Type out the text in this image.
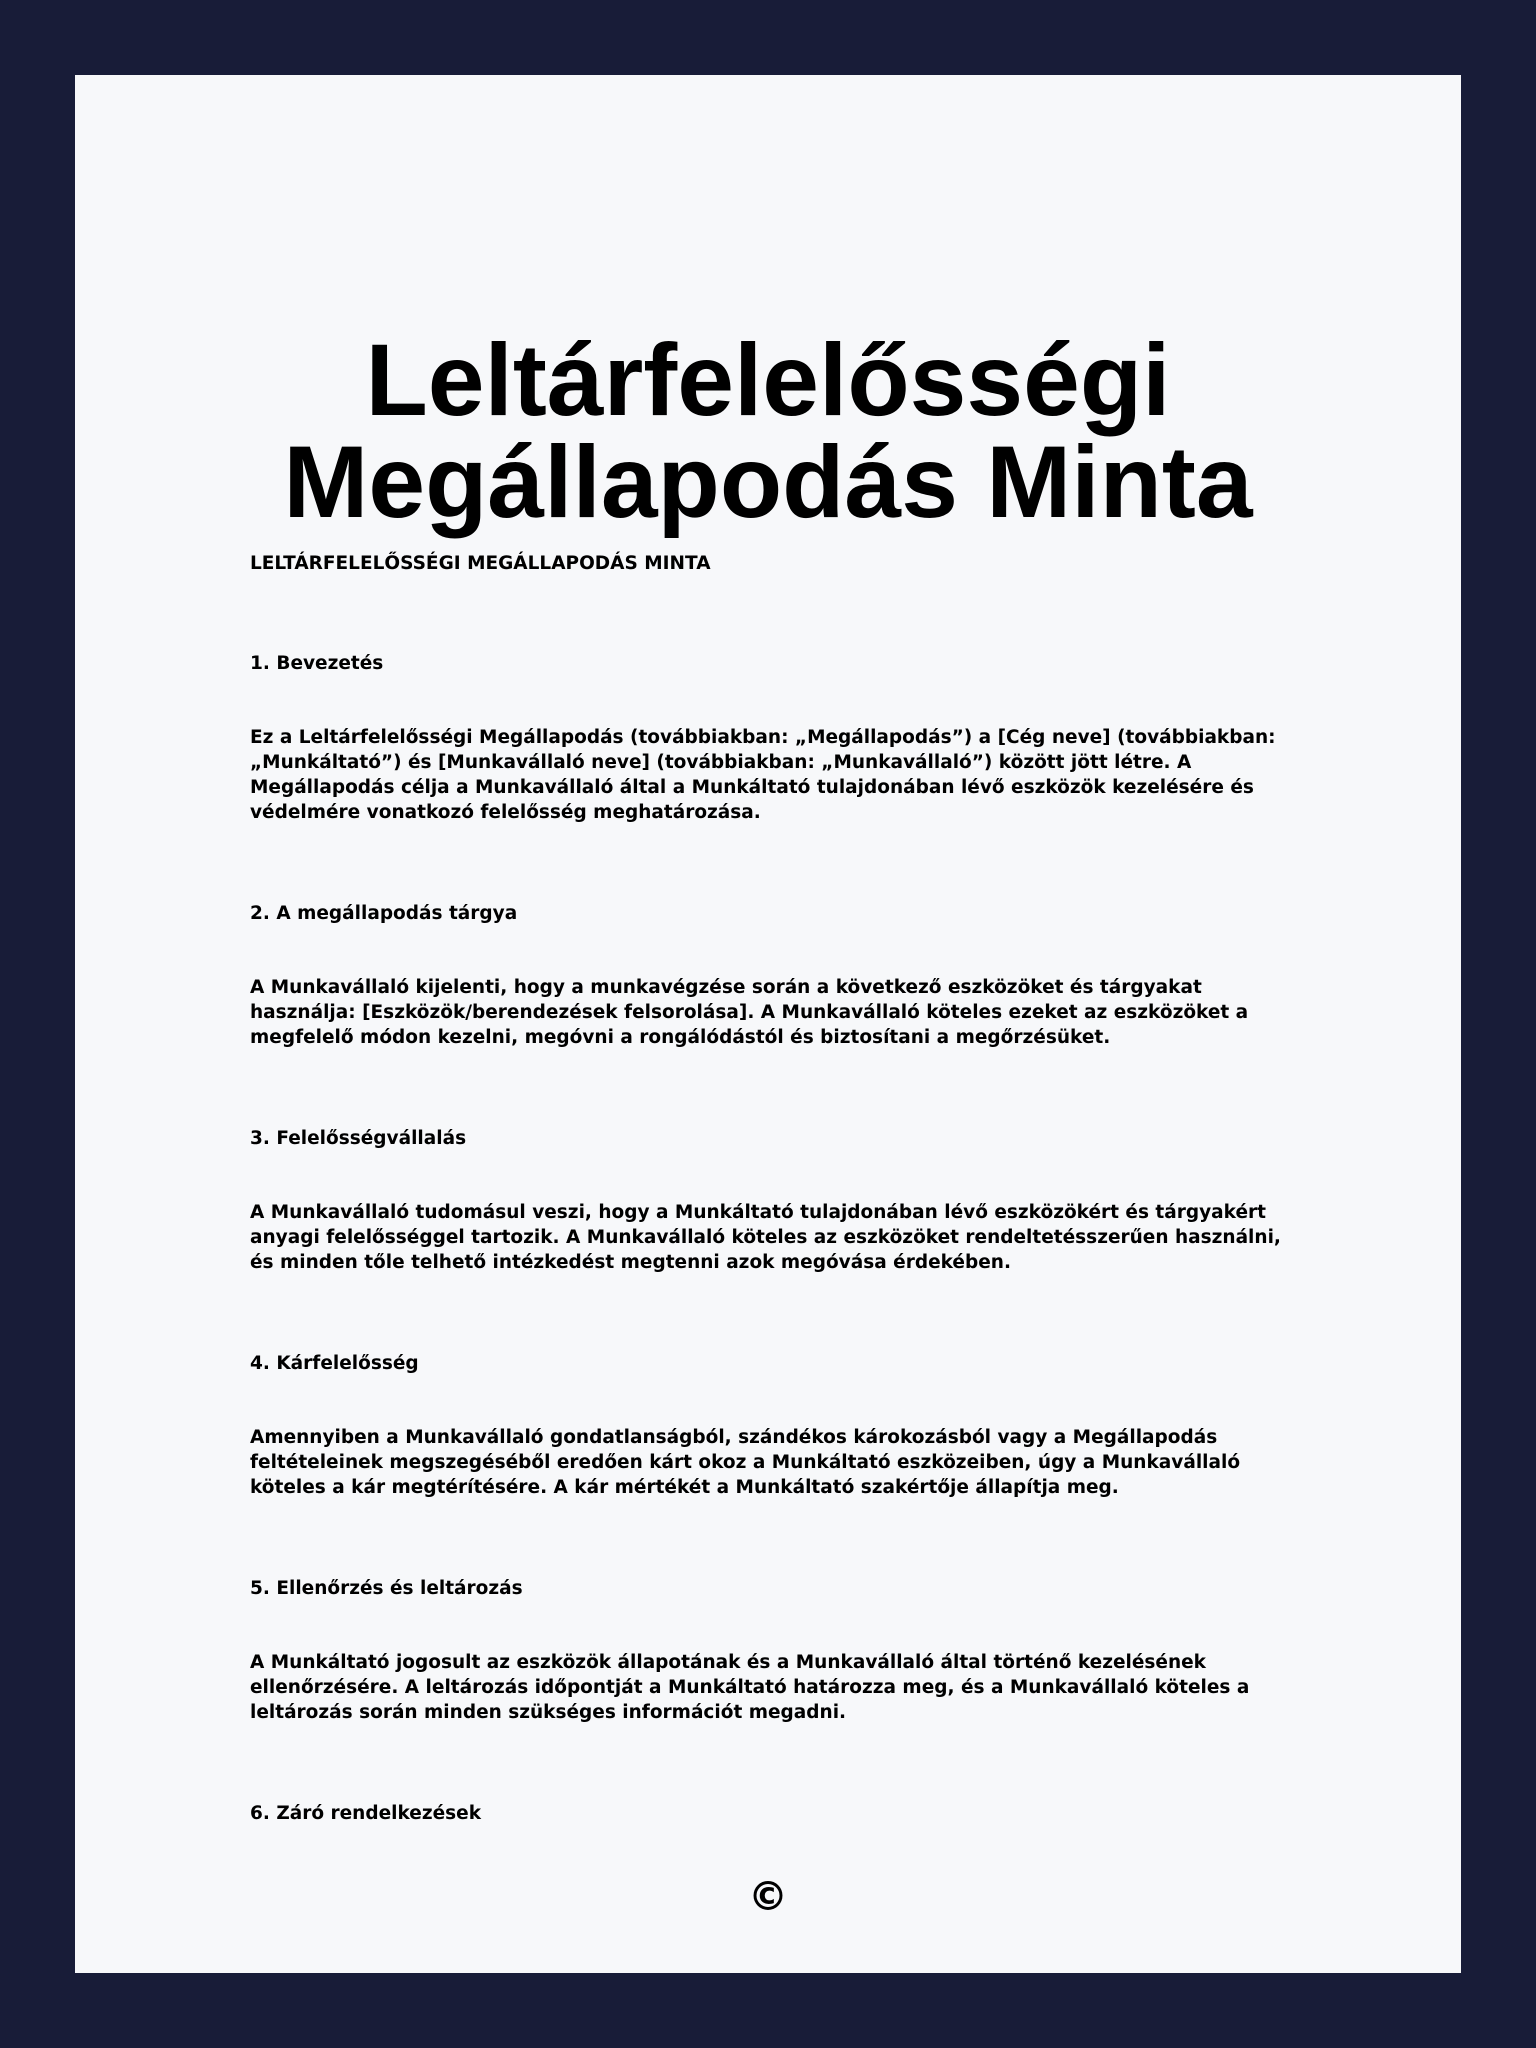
Leltárfelelősségi
Megállapodás Minta

LELTÁRFELELŐSSÉGI MEGÁLLAPODÁS MINTA

1. Bevezetés

Ez a Leltárfelelősségi Megállapodás (továbbiakban: „Megállapodás”) a [Cég neve] (továbbiakban: „Munkáltató”) és [Munkavállaló neve] (továbbiakban: „Munkavállaló”) között jött létre. A Megállapodás célja a Munkavállaló által a Munkáltató tulajdonában lévő eszközök kezelésére és védelmére vonatkozó felelősség meghatározása.

2. A megállapodás tárgya

A Munkavállaló kijelenti, hogy a munkavégzése során a következő eszközöket és tárgyakat használja: [Eszközök/berendezések felsorolása]. A Munkavállaló köteles ezeket az eszközöket a megfelelő módon kezelni, megóvni a rongálódástól és biztosítani a megőrzésüket.

3. Felelősségvállalás

A Munkavállaló tudomásul veszi, hogy a Munkáltató tulajdonában lévő eszközökért és tárgyakért anyagi felelősséggel tartozik. A Munkavállaló köteles az eszközöket rendeltetésszerűen használni, és minden tőle telhető intézkedést megtenni azok megóvása érdekében.

4. Kárfelelősség

Amennyiben a Munkavállaló gondatlanságból, szándékos károkozásból vagy a Megállapodás feltételeinek megszegéséből eredően kárt okoz a Munkáltató eszközeiben, úgy a Munkavállaló köteles a kár megtérítésére. A kár mértékét a Munkáltató szakértője állapítja meg.

5. Ellenőrzés és leltározás

A Munkáltató jogosult az eszközök állapotának és a Munkavállaló által történő kezelésének ellenőrzésére. A leltározás időpontját a Munkáltató határozza meg, és a Munkavállaló köteles a leltározás során minden szükséges információt megadni.

6. Záró rendelkezések

©
